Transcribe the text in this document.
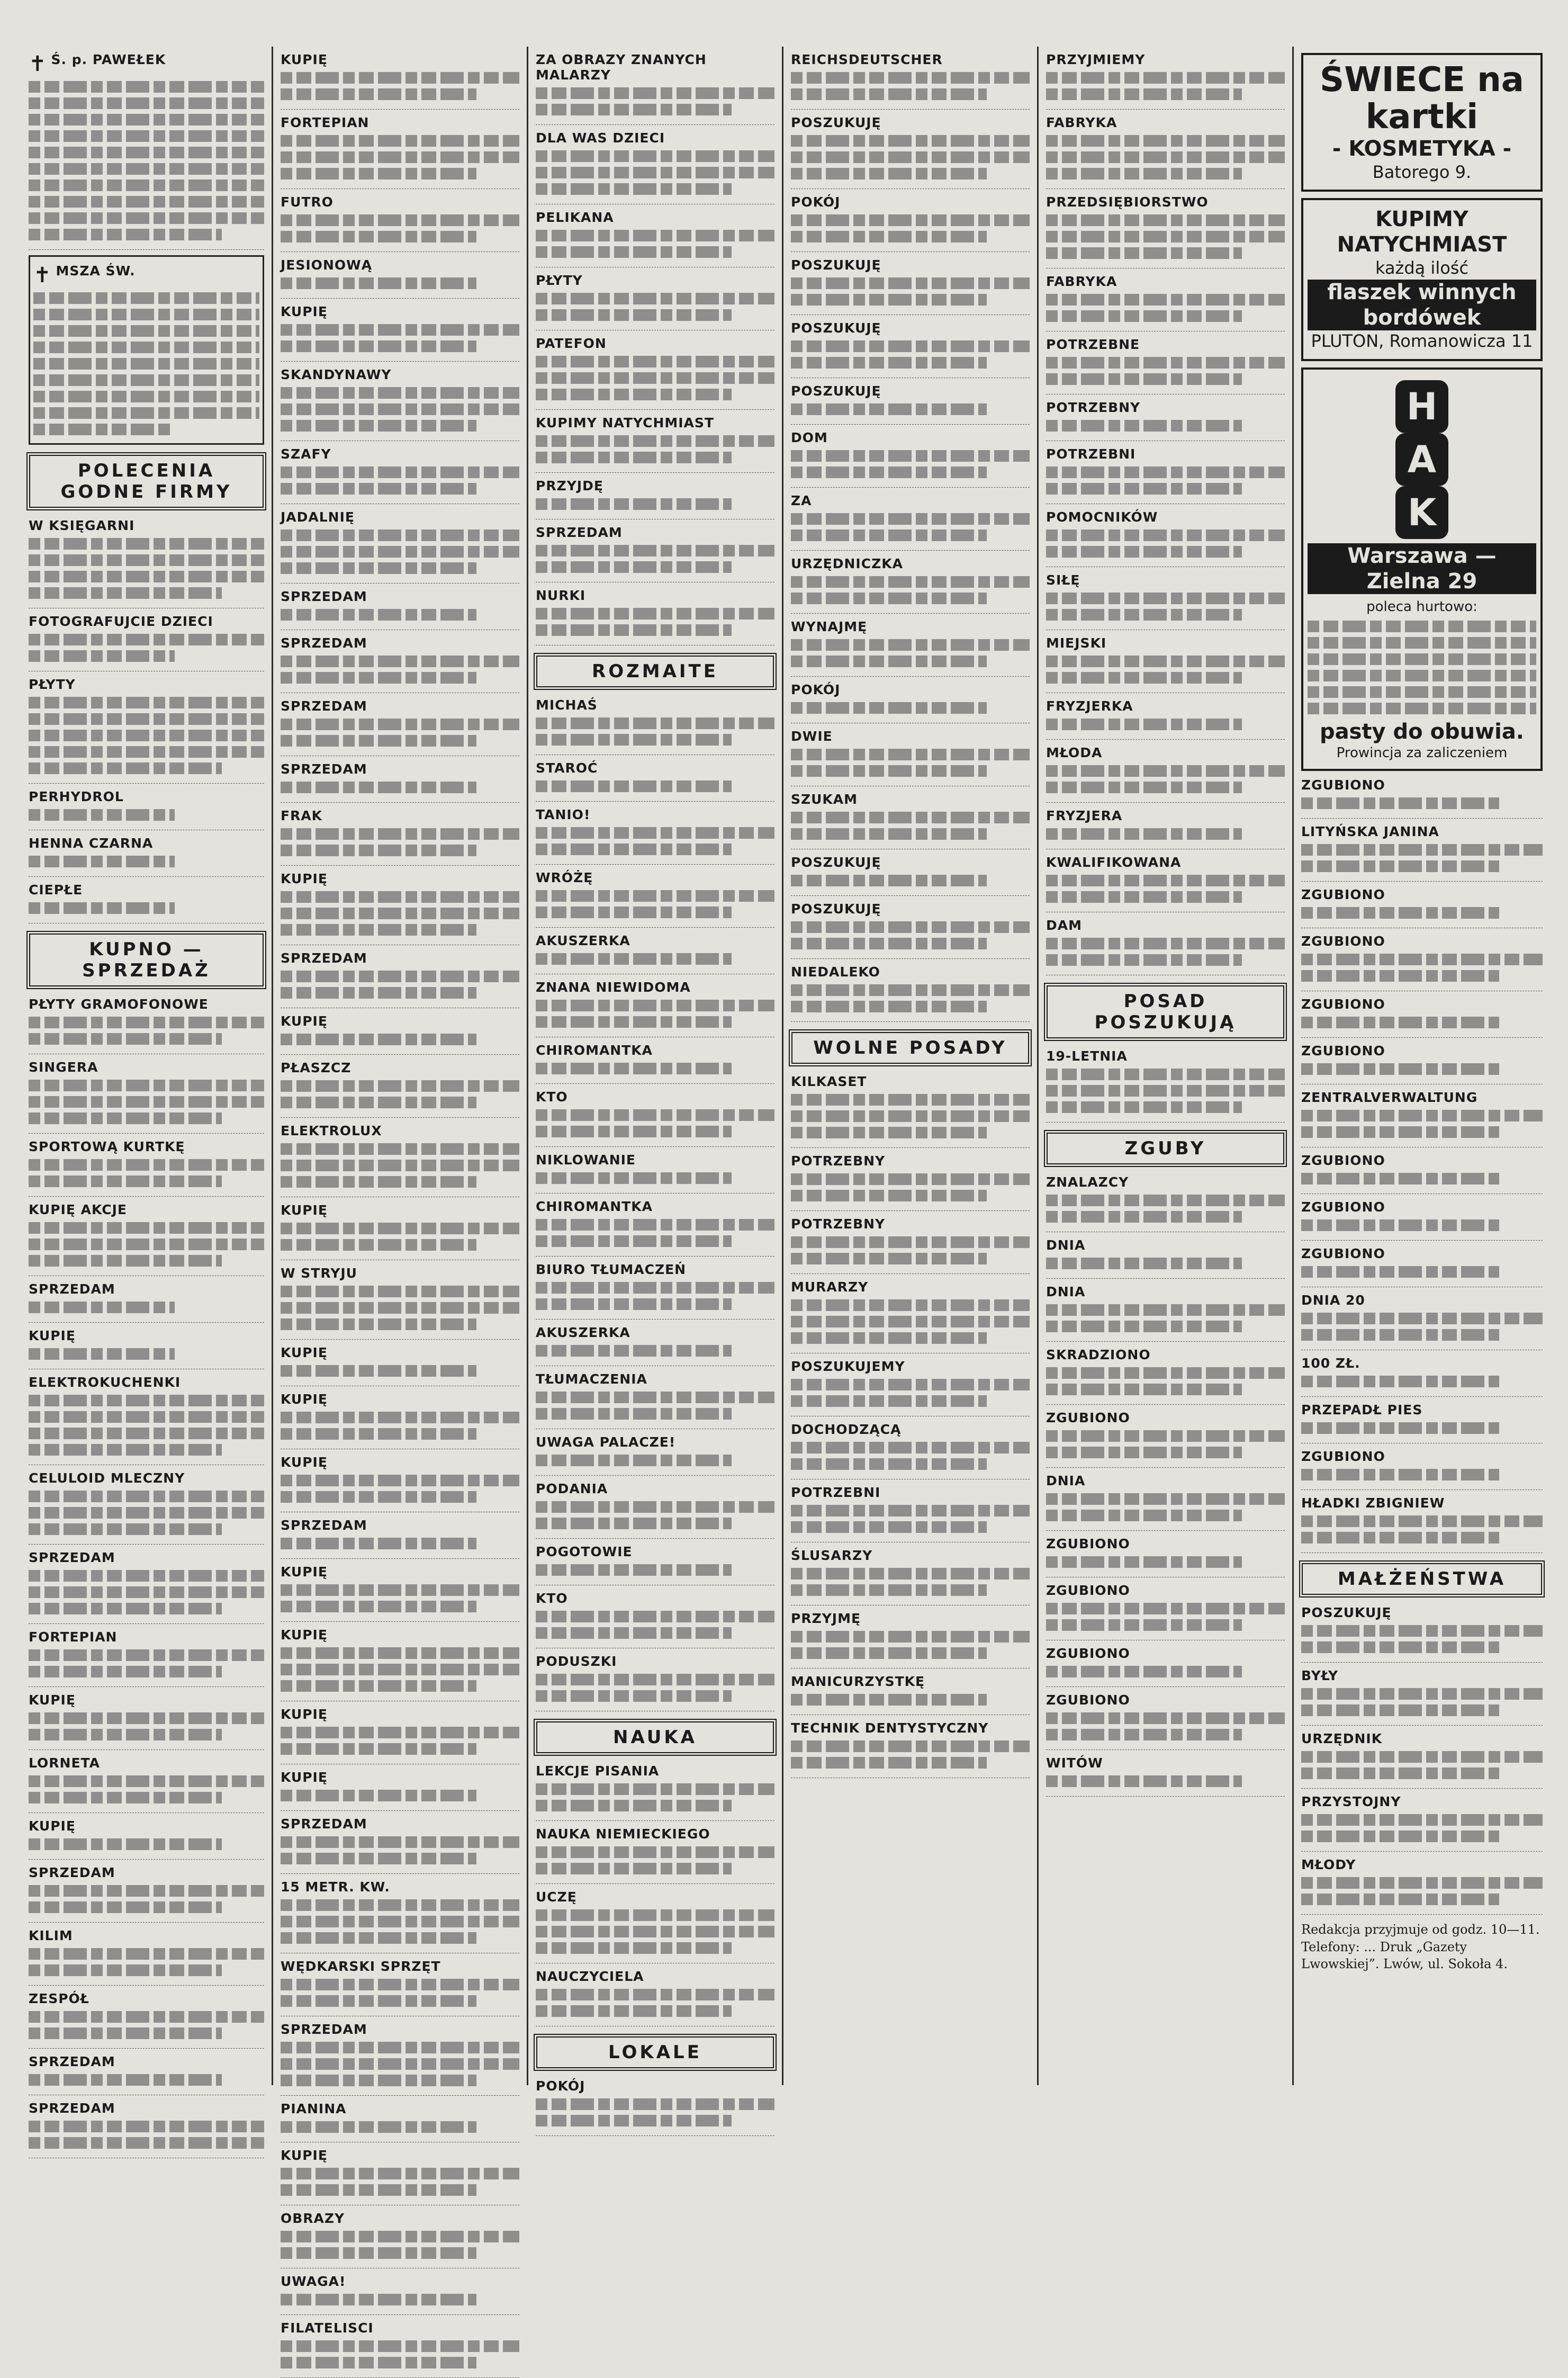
✝ Ś. p. PAWEŁEK
✝ MSZA ŚW.
POLECENIA GODNE FIRMY
W KSIĘGARNI
FOTOGRAFUJCIE DZIECI
PŁYTY
PERHYDROL
HENNA CZARNA
CIEPŁE
KUPNO — SPRZEDAŻ
PŁYTY GRAMOFONOWE
SINGERA
SPORTOWĄ KURTKĘ
KUPIĘ AKCJE
SPRZEDAM
KUPIĘ
ELEKTROKUCHENKI
CELULOID MLECZNY
SPRZEDAM
FORTEPIAN
KUPIĘ
LORNETA
KUPIĘ
SPRZEDAM
KILIM
ZESPÓŁ
SPRZEDAM
SPRZEDAM
KUPIĘ
FORTEPIAN
FUTRO
JESIONOWĄ
KUPIĘ
SKANDYNAWY
SZAFY
JADALNIĘ
SPRZEDAM
SPRZEDAM
SPRZEDAM
SPRZEDAM
FRAK
KUPIĘ
SPRZEDAM
KUPIĘ
PŁASZCZ
ELEKTROLUX
KUPIĘ
W STRYJU
KUPIĘ
KUPIĘ
KUPIĘ
SPRZEDAM
KUPIĘ
KUPIĘ
KUPIĘ
KUPIĘ
SPRZEDAM
15 METR. KW.
WĘDKARSKI SPRZĘT
SPRZEDAM
PIANINA
KUPIĘ
OBRAZY
UWAGA!
FILATELISCI
ZA OBRAZY ZNANYCH MALARZY
DLA WAS DZIECI
PELIKANA
PŁYTY
PATEFON
KUPIMY NATYCHMIAST
PRZYJDĘ
SPRZEDAM
NURKI
ROZMAITE
MICHAŚ
STAROĆ
TANIO!
WRÓŻĘ
AKUSZERKA
ZNANA NIEWIDOMA
CHIROMANTKA
KTO
NIKLOWANIE
CHIROMANTKA
BIURO TŁUMACZEŃ
AKUSZERKA
TŁUMACZENIA
UWAGA PALACZE!
PODANIA
POGOTOWIE
KTO
PODUSZKI
NAUKA
LEKCJE PISANIA
NAUKA NIEMIECKIEGO
UCZĘ
NAUCZYCIELA
LOKALE
POKÓJ
REICHSDEUTSCHER
POSZUKUJĘ
POKÓJ
POSZUKUJĘ
POSZUKUJĘ
POSZUKUJĘ
DOM
ZA
URZĘDNICZKA
WYNAJMĘ
POKÓJ
DWIE
SZUKAM
POSZUKUJĘ
POSZUKUJĘ
NIEDALEKO
WOLNE POSADY
KILKASET
POTRZEBNY
POTRZEBNY
MURARZY
POSZUKUJEMY
DOCHODZĄCĄ
POTRZEBNI
ŚLUSARZY
PRZYJMĘ
MANICURZYSTKĘ
TECHNIK DENTYSTYCZNY
PRZYJMIEMY
FABRYKA
PRZEDSIĘBIORSTWO
FABRYKA
POTRZEBNE
POTRZEBNY
POTRZEBNI
POMOCNIKÓW
SIŁĘ
MIEJSKI
FRYZJERKA
MŁODA
FRYZJERA
KWALIFIKOWANA
DAM
POSAD POSZUKUJĄ
19-LETNIA
ZGUBY
ZNALAZCY
DNIA
DNIA
SKRADZIONO
ZGUBIONO
DNIA
ZGUBIONO
ZGUBIONO
ZGUBIONO
ZGUBIONO
WITÓW
ŚWIECE na kartki
- KOSMETYKA -
Batorego 9.
KUPIMY NATYCHMIAST
każdą ilość
flaszek winnych bordówek
PLUTON, Romanowicza 11
H
A
K
Warszawa — Zielna 29
poleca hurtowo:
pasty do obuwia.
Prowincja za zaliczeniem
ZGUBIONO
LITYŃSKA JANINA
ZGUBIONO
ZGUBIONO
ZGUBIONO
ZGUBIONO
ZENTRALVERWALTUNG
ZGUBIONO
ZGUBIONO
ZGUBIONO
DNIA 20
100 ZŁ.
PRZEPADŁ PIES
ZGUBIONO
HŁADKI ZBIGNIEW
MAŁŻEŃSTWA
POSZUKUJĘ
BYŁY
URZĘDNIK
PRZYSTOJNY
MŁODY
Redakcja przyjmuje od godz. 10—11. Telefony: ... Druk „Gazety Lwowskiej”. Lwów, ul. Sokoła 4.
